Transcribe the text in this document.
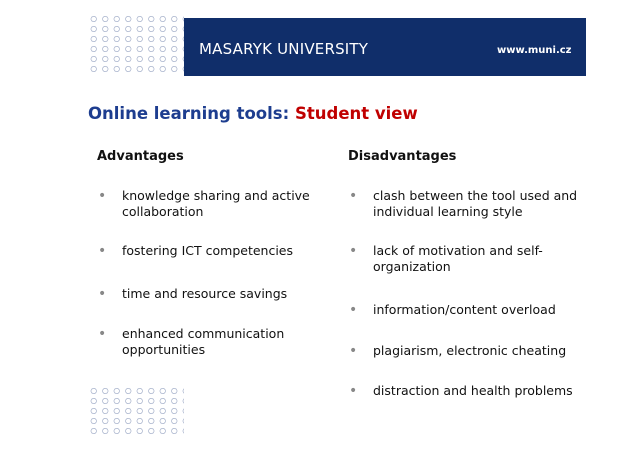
MASARYK UNIVERSITY	www.muni.cz
Online learning tools: Student view
Advantages	Disadvantages
• knowledge sharing and active collaboration
• fostering ICT competencies
• time and resource savings
• enhanced communication opportunities
• clash between the tool used and individual learning style
• lack of motivation and self-organization
• information/content overload
• plagiarism, electronic cheating
• distraction and health problems
